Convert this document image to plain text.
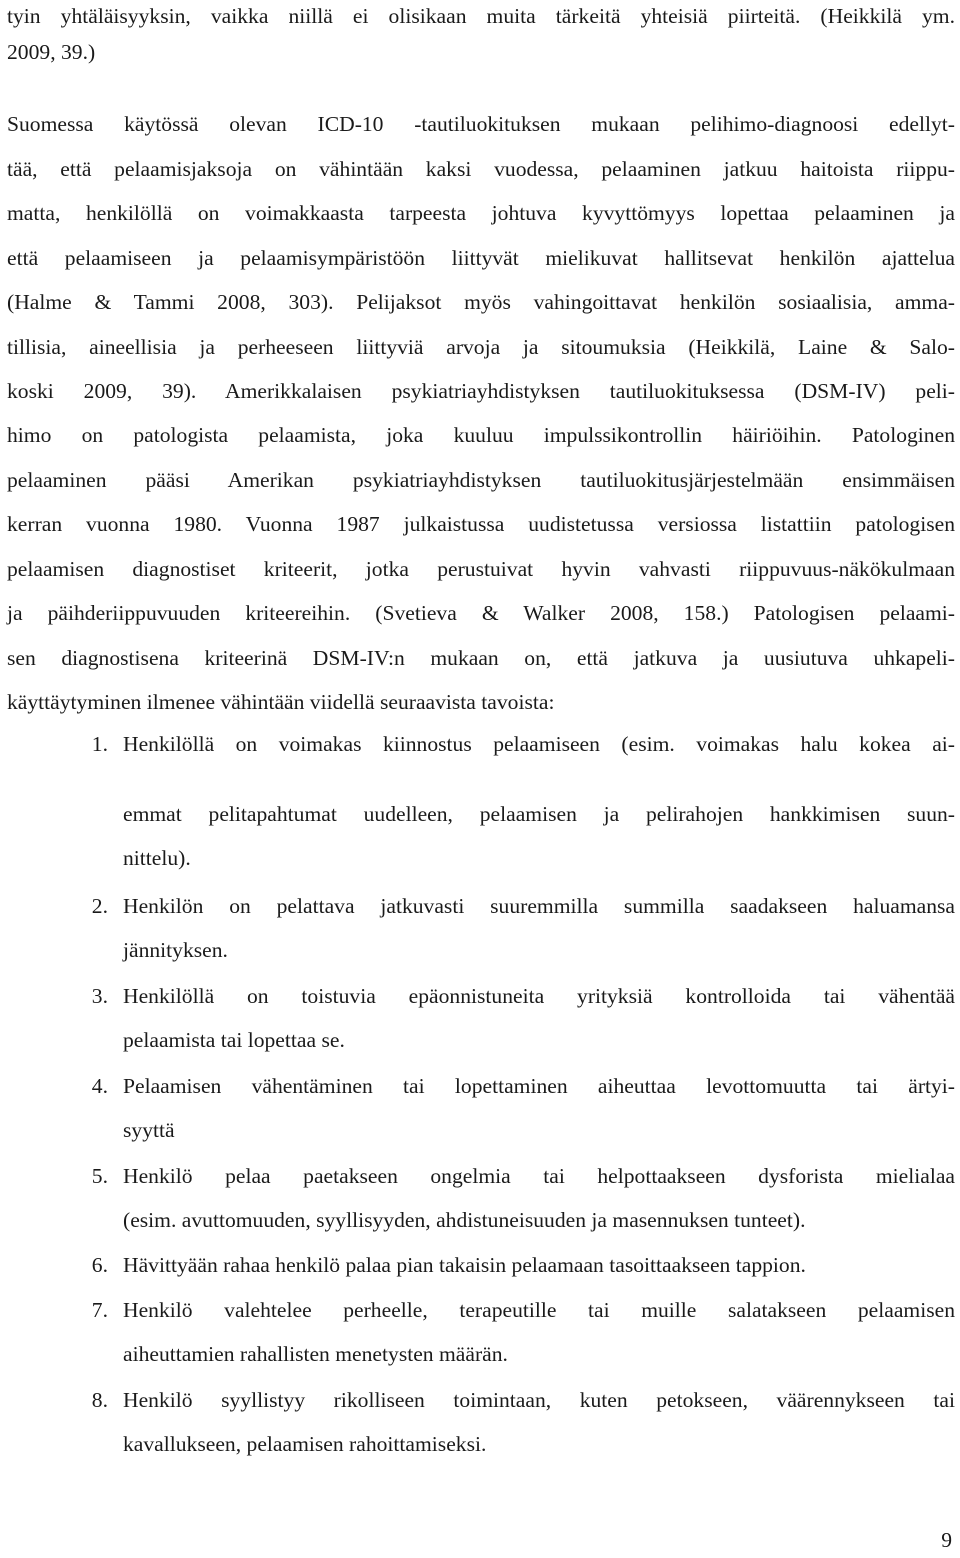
tyin yhtäläisyyksin, vaikka niillä ei olisikaan muita tärkeitä yhteisiä piirteitä. (Heikkilä ym.
2009, 39.)
Suomessa käytössä olevan ICD-10 -tautiluokituksen mukaan pelihimo-diagnoosi edellyt-
tää, että pelaamisjaksoja on vähintään kaksi vuodessa, pelaaminen jatkuu haitoista riippu-
matta, henkilöllä on voimakkaasta tarpeesta johtuva kyvyttömyys lopettaa pelaaminen ja
että pelaamiseen ja pelaamisympäristöön liittyvät mielikuvat hallitsevat henkilön ajattelua
(Halme & Tammi 2008, 303). Pelijaksot myös vahingoittavat henkilön sosiaalisia, amma-
tillisia, aineellisia ja perheeseen liittyviä arvoja ja sitoumuksia (Heikkilä, Laine & Salo-
koski 2009, 39). Amerikkalaisen psykiatriayhdistyksen tautiluokituksessa (DSM-IV) peli-
himo on patologista pelaamista, joka kuuluu impulssikontrollin häiriöihin. Patologinen
pelaaminen pääsi Amerikan psykiatriayhdistyksen tautiluokitusjärjestelmään ensimmäisen
kerran vuonna 1980. Vuonna 1987 julkaistussa uudistetussa versiossa listattiin patologisen
pelaamisen diagnostiset kriteerit, jotka perustuivat hyvin vahvasti riippuvuus-näkökulmaan
ja päihderiippuvuuden kriteereihin. (Svetieva & Walker 2008, 158.) Patologisen pelaami-
sen diagnostisena kriteerinä DSM-IV:n mukaan on, että jatkuva ja uusiutuva uhkapeli-
käyttäytyminen ilmenee vähintään viidellä seuraavista tavoista:
1. Henkilöllä on voimakas kiinnostus pelaamiseen (esim. voimakas halu kokea ai-
emmat pelitapahtumat uudelleen, pelaamisen ja pelirahojen hankkimisen suun-
nittelu).
2. Henkilön on pelattava jatkuvasti suuremmilla summilla saadakseen haluamansa
jännityksen.
3. Henkilöllä on toistuvia epäonnistuneita yrityksiä kontrolloida tai vähentää
pelaamista tai lopettaa se.
4. Pelaamisen vähentäminen tai lopettaminen aiheuttaa levottomuutta tai ärtyi-
syyttä
5. Henkilö pelaa paetakseen ongelmia tai helpottaakseen dysforista mielialaa
(esim. avuttomuuden, syyllisyyden, ahdistuneisuuden ja masennuksen tunteet).
6. Hävittyään rahaa henkilö palaa pian takaisin pelaamaan tasoittaakseen tappion.
7. Henkilö valehtelee perheelle, terapeutille tai muille salatakseen pelaamisen
aiheuttamien rahallisten menetysten määrän.
8. Henkilö syyllistyy rikolliseen toimintaan, kuten petokseen, väärennykseen tai
kavallukseen, pelaamisen rahoittamiseksi.
9
